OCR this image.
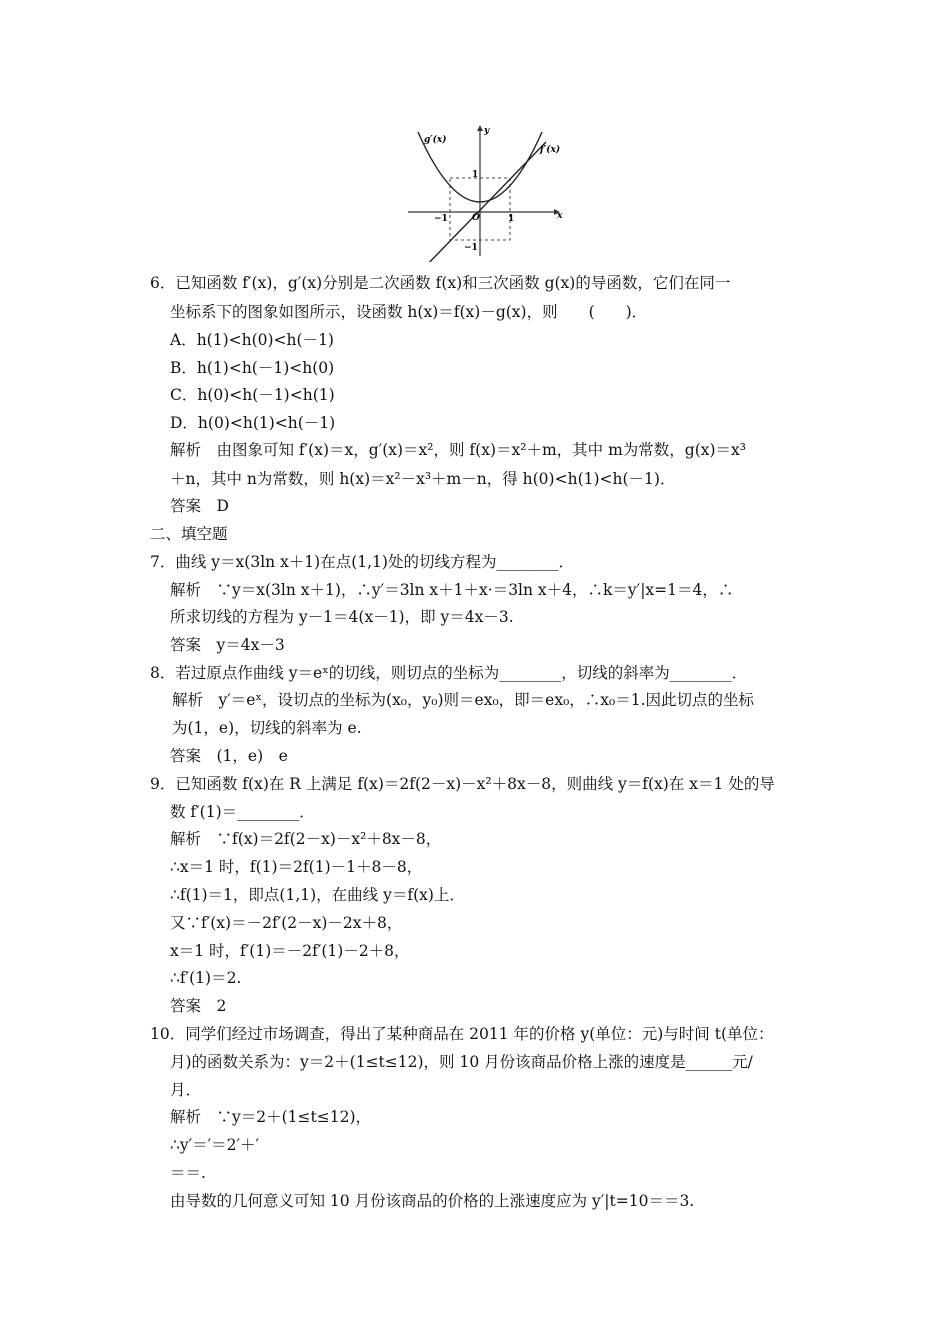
g′(x)
f′(x)
y
x
O
1
−1	1
−1
6．已知函数 f′(x)，g′(x)分别是二次函数 f(x)和三次函数 g(x)的导函数，它们在同一
坐标系下的图象如图所示，设函数 h(x)＝f(x)－g(x)，则　　(　　)．
A．h(1)<h(0)<h(－1)
B．h(1)<h(－1)<h(0)
C．h(0)<h(－1)<h(1)
D．h(0)<h(1)<h(－1)
解析　由图象可知 f′(x)＝x，g′(x)＝x²，则 f(x)＝x²＋m，其中 m为常数，g(x)＝x³
＋n，其中 n为常数，则 h(x)＝x²－x³＋m－n，得 h(0)<h(1)<h(－1)．
答案　D
二、填空题
7．曲线 y＝x(3ln x＋1)在点(1,1)处的切线方程为________．
解析　∵y＝x(3ln x＋1)，∴y′＝3ln x＋1＋x·＝3ln x＋4，∴k＝y′|x=1＝4，∴
所求切线的方程为 y－1＝4(x－1)，即 y＝4x－3.
答案　y＝4x－3
8．若过原点作曲线 y＝eˣ的切线，则切点的坐标为________，切线的斜率为________．
解析　y′＝eˣ，设切点的坐标为(x₀，y₀)则＝ex₀，即＝ex₀，∴x₀＝1.因此切点的坐标
为(1，e)，切线的斜率为 e.
答案　(1，e)　e
9．已知函数 f(x)在 R 上满足 f(x)＝2f(2－x)－x²＋8x－8，则曲线 y＝f(x)在 x＝1 处的导
数 f′(1)＝________．
解析　∵f(x)＝2f(2－x)－x²＋8x－8，
∴x＝1 时，f(1)＝2f(1)－1＋8－8，
∴f(1)＝1，即点(1,1)，在曲线 y＝f(x)上．
又∵f′(x)＝－2f′(2－x)－2x＋8，
x＝1 时，f′(1)＝－2f′(1)－2＋8，
∴f′(1)＝2.
答案　2
10．同学们经过市场调查，得出了某种商品在 2011 年的价格 y(单位：元)与时间 t(单位：
月)的函数关系为：y＝2＋(1≤t≤12)，则 10 月份该商品价格上涨的速度是______元/
月．
解析　∵y＝2＋(1≤t≤12)，
∴y′＝′＝2′＋′
＝＝.
由导数的几何意义可知 10 月份该商品的价格的上涨速度应为 y′|t=10＝＝3.
